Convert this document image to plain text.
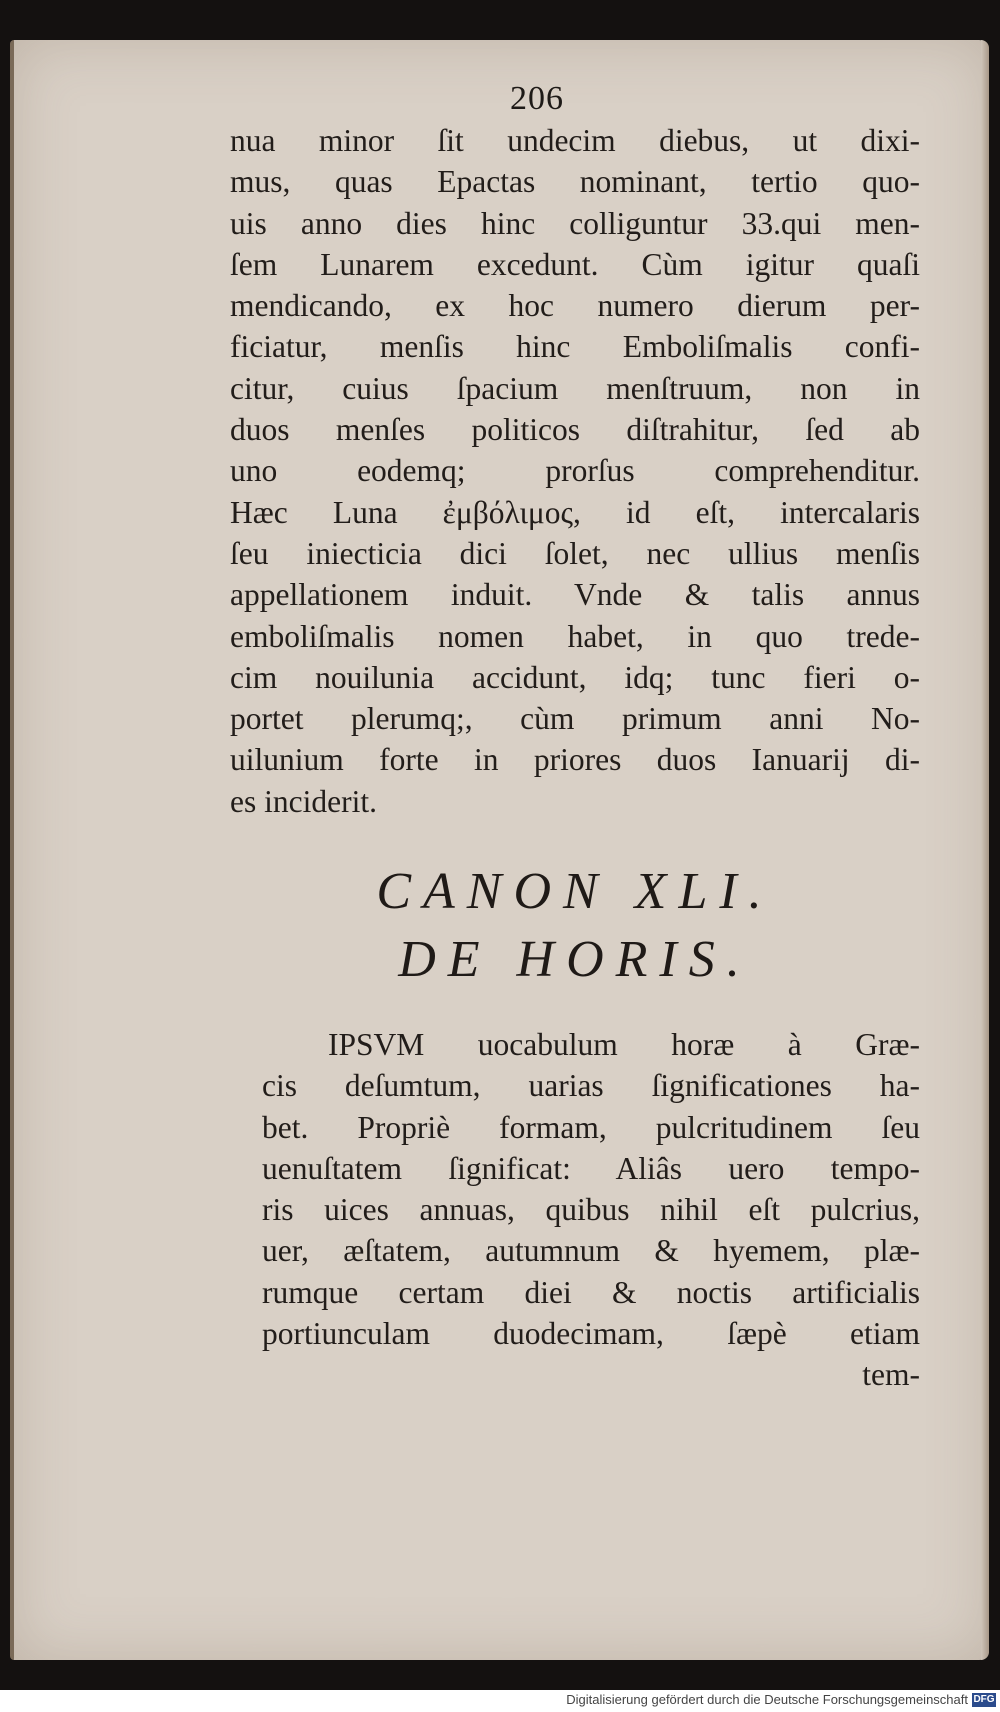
206
nua minor ſit undecim diebus, ut dixi-
mus, quas Epactas nominant, tertio quo-
uis anno dies hinc colliguntur 33.qui men-
ſem Lunarem excedunt. Cùm igitur quaſi
mendicando, ex hoc numero dierum per-
ficiatur, menſis hinc Emboliſmalis confi-
citur, cuius ſpacium menſtruum, non in
duos menſes politicos diſtrahitur, ſed ab
uno eodemq; prorſus comprehenditur.
Hæc Luna ἐμβόλιμος, id eſt, intercalaris
ſeu iniecticia dici ſolet, nec ullius menſis
appellationem induit. Vnde & talis annus
emboliſmalis nomen habet, in quo trede-
cim nouilunia accidunt, idq; tunc fieri o-
portet plerumq;, cùm primum anni No-
uilunium forte in priores duos Ianuarij di-
es inciderit.
CANON XLI.
DE HORIS.
IPSVM uocabulum horæ à Græ-
cis deſumtum, uarias ſignificationes ha-
bet. Propriè formam, pulcritudinem ſeu
uenuſtatem ſignificat: Aliâs uero tempo-
ris uices annuas, quibus nihil eſt pulcrius,
uer, æſtatem, autumnum & hyemem, plæ-
rumque certam diei & noctis artificialis
portiunculam duodecimam, ſæpè etiam
tem-
Digitalisierung gefördert durch die Deutsche Forschungsgemeinschaft DFG
